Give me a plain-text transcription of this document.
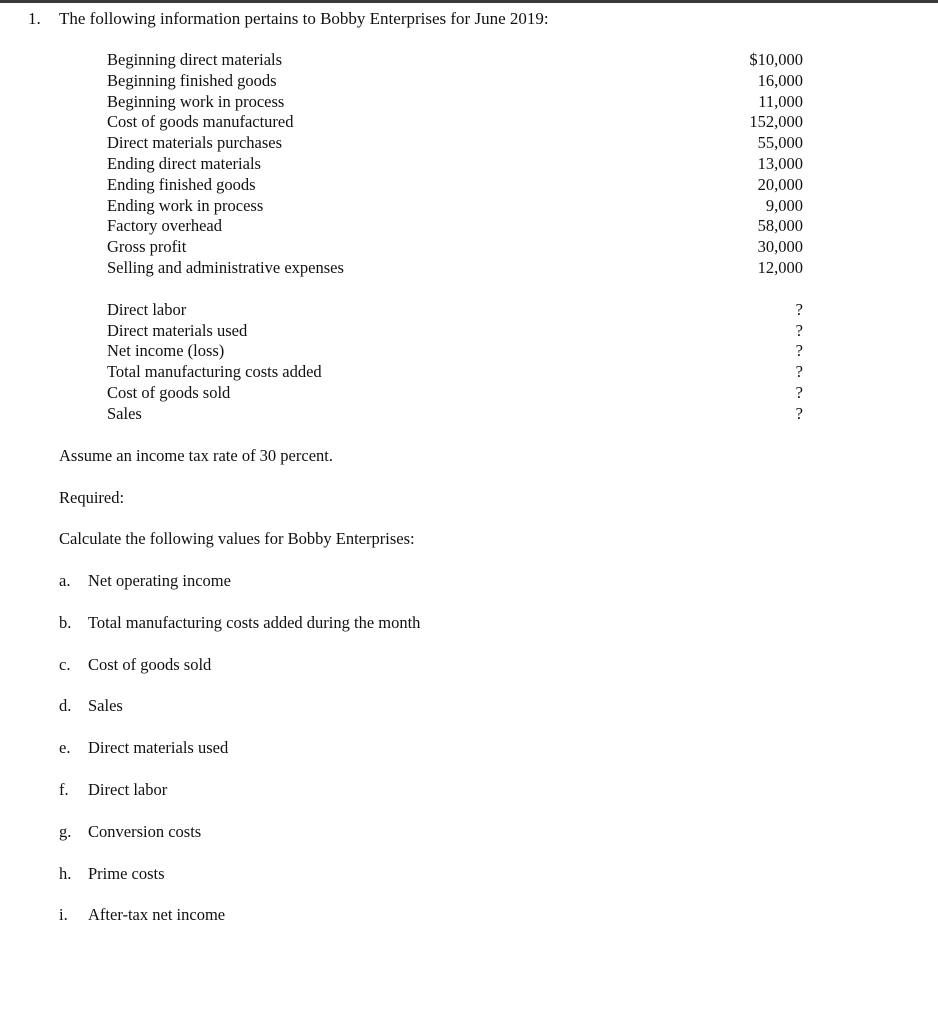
1. The following information pertains to Bobby Enterprises for June 2019:
Beginning direct materials	$10,000
Beginning finished goods	16,000
Beginning work in process	11,000
Cost of goods manufactured	152,000
Direct materials purchases	55,000
Ending direct materials	13,000
Ending finished goods	20,000
Ending work in process	9,000
Factory overhead	58,000
Gross profit	30,000
Selling and administrative expenses	12,000
Direct labor	?
Direct materials used	?
Net income (loss)	?
Total manufacturing costs added	?
Cost of goods sold	?
Sales	?
Assume an income tax rate of 30 percent.
Required:
Calculate the following values for Bobby Enterprises:
a. Net operating income
b. Total manufacturing costs added during the month
c. Cost of goods sold
d. Sales
e. Direct materials used
f. Direct labor
g. Conversion costs
h. Prime costs
i. After-tax net income
